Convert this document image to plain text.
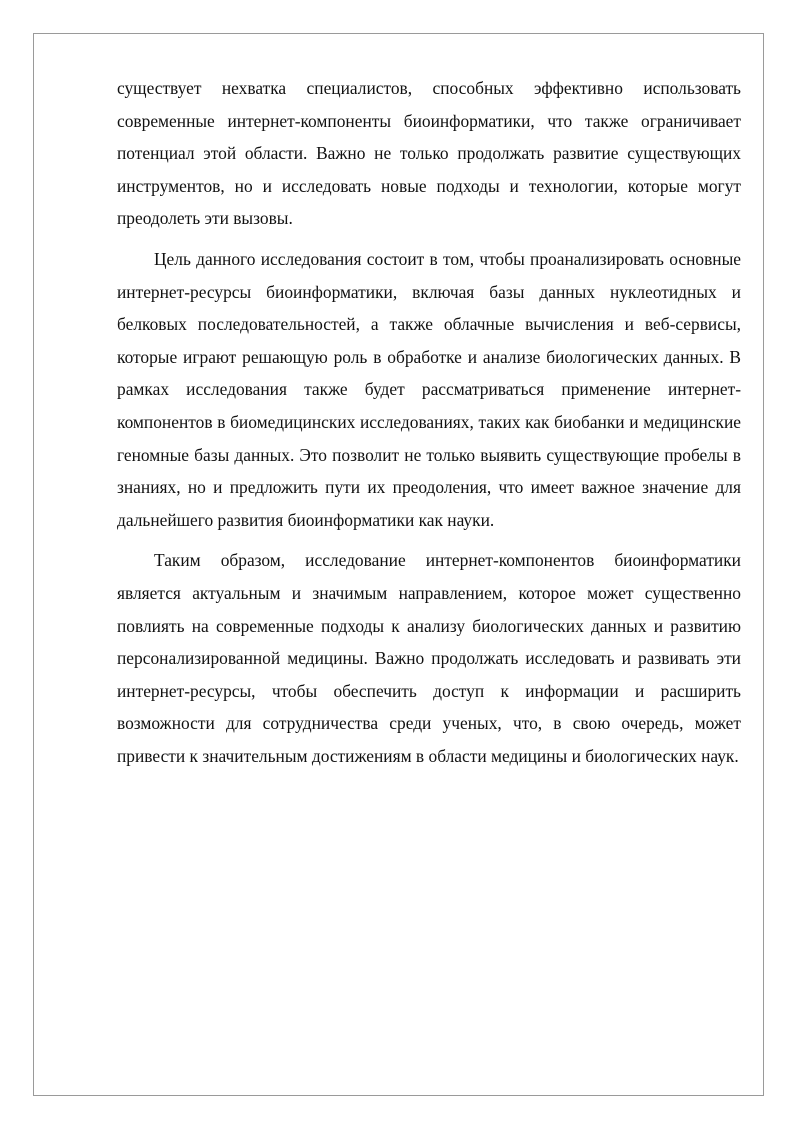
существует нехватка специалистов, способных эффективно использовать современные интернет-компоненты биоинформатики, что также ограничивает потенциал этой области. Важно не только продолжать развитие существующих инструментов, но и исследовать новые подходы и технологии, которые могут преодолеть эти вызовы.

Цель данного исследования состоит в том, чтобы проанализировать основные интернет-ресурсы биоинформатики, включая базы данных нуклеотидных и белковых последовательностей, а также облачные вычисления и веб-сервисы, которые играют решающую роль в обработке и анализе биологических данных. В рамках исследования также будет рассматриваться применение интернет-компонентов в биомедицинских исследованиях, таких как биобанки и медицинские геномные базы данных. Это позволит не только выявить существующие пробелы в знаниях, но и предложить пути их преодоления, что имеет важное значение для дальнейшего развития биоинформатики как науки.

Таким образом, исследование интернет-компонентов биоинформатики является актуальным и значимым направлением, которое может существенно повлиять на современные подходы к анализу биологических данных и развитию персонализированной медицины. Важно продолжать исследовать и развивать эти интернет-ресурсы, чтобы обеспечить доступ к информации и расширить возможности для сотрудничества среди ученых, что, в свою очередь, может привести к значительным достижениям в области медицины и биологических наук.
